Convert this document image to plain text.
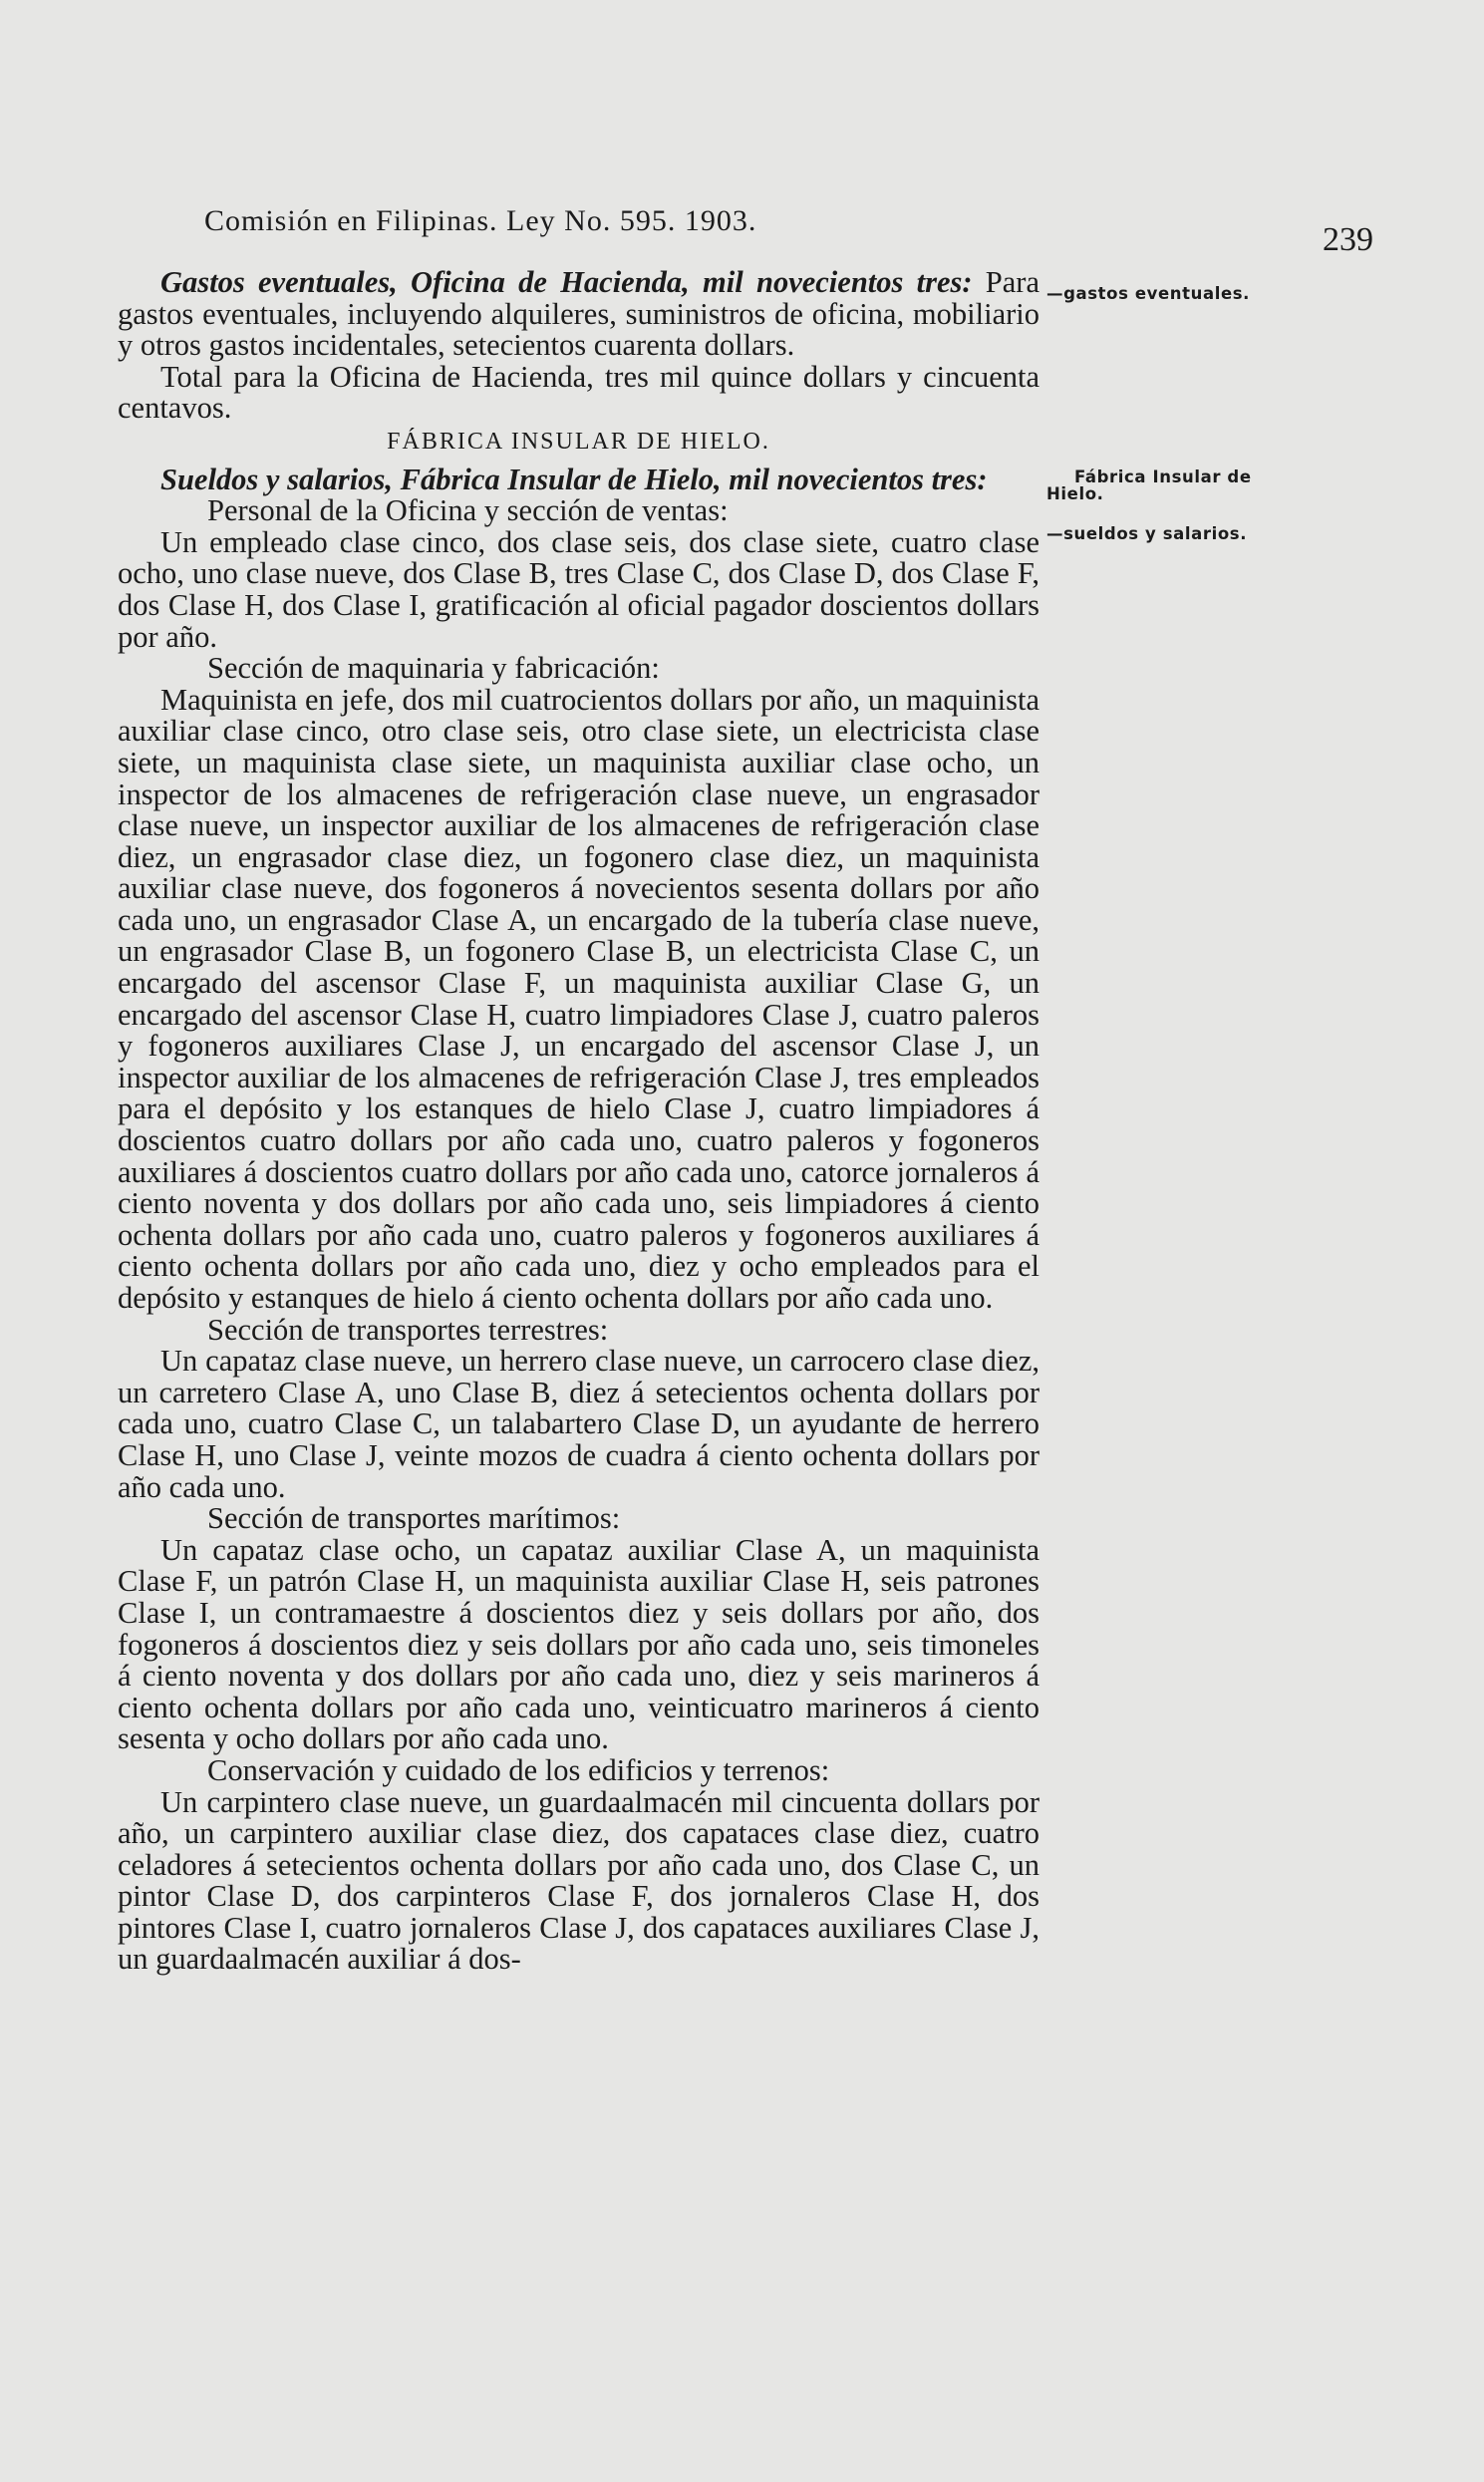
Comisión en Filipinas. Ley No. 595. 1903.
239
—gastos eventuales.
Fábrica Insular de
Hielo.
—sueldos y salarios.

Gastos eventuales, Oficina de Hacienda, mil novecientos tres: Para gastos eventuales, incluyendo alquileres, suministros de oficina, mobiliario y otros gastos incidentales, setecientos cuarenta dollars.

Total para la Oficina de Hacienda, tres mil quince dollars y cincuenta centavos.

FÁBRICA INSULAR DE HIELO.

Sueldos y salarios, Fábrica Insular de Hielo, mil novecientos tres:

Personal de la Oficina y sección de ventas:

Un empleado clase cinco, dos clase seis, dos clase siete, cuatro clase ocho, uno clase nueve, dos Clase B, tres Clase C, dos Clase D, dos Clase F, dos Clase H, dos Clase I, gratificación al oficial pagador doscientos dollars por año.

Sección de maquinaria y fabricación:

Maquinista en jefe, dos mil cuatrocientos dollars por año, un maquinista auxiliar clase cinco, otro clase seis, otro clase siete, un electricista clase siete, un maquinista clase siete, un maquinista auxiliar clase ocho, un inspector de los almacenes de refrigeración clase nueve, un engrasador clase nueve, un inspector auxiliar de los almacenes de refrigeración clase diez, un engrasador clase diez, un fogonero clase diez, un maquinista auxiliar clase nueve, dos fogoneros á novecientos sesenta dollars por año cada uno, un engrasador Clase A, un encargado de la tubería clase nueve, un engrasador Clase B, un fogonero Clase B, un electricista Clase C, un encargado del ascensor Clase F, un maquinista auxiliar Clase G, un encargado del ascensor Clase H, cuatro limpiadores Clase J, cuatro paleros y fogoneros auxiliares Clase J, un encargado del ascensor Clase J, un inspector auxiliar de los almacenes de refrigeración Clase J, tres empleados para el depósito y los estanques de hielo Clase J, cuatro limpiadores á doscientos cuatro dollars por año cada uno, cuatro paleros y fogoneros auxiliares á doscientos cuatro dollars por año cada uno, catorce jornaleros á ciento noventa y dos dollars por año cada uno, seis limpiadores á ciento ochenta dollars por año cada uno, cuatro paleros y fogoneros auxiliares á ciento ochenta dollars por año cada uno, diez y ocho empleados para el depósito y estanques de hielo á ciento ochenta dollars por año cada uno.

Sección de transportes terrestres:

Un capataz clase nueve, un herrero clase nueve, un carrocero clase diez, un carretero Clase A, uno Clase B, diez á setecientos ochenta dollars por cada uno, cuatro Clase C, un talabartero Clase D, un ayudante de herrero Clase H, uno Clase J, veinte mozos de cuadra á ciento ochenta dollars por año cada uno.

Sección de transportes marítimos:

Un capataz clase ocho, un capataz auxiliar Clase A, un maquinista Clase F, un patrón Clase H, un maquinista auxiliar Clase H, seis patrones Clase I, un contramaestre á doscientos diez y seis dollars por año, dos fogoneros á doscientos diez y seis dollars por año cada uno, seis timoneles á ciento noventa y dos dollars por año cada uno, diez y seis marineros á ciento ochenta dollars por año cada uno, veinticuatro marineros á ciento sesenta y ocho dollars por año cada uno.

Conservación y cuidado de los edificios y terrenos:

Un carpintero clase nueve, un guardaalmacén mil cincuenta dollars por año, un carpintero auxiliar clase diez, dos capataces clase diez, cuatro celadores á setecientos ochenta dollars por año cada uno, dos Clase C, un pintor Clase D, dos carpinteros Clase F, dos jornaleros Clase H, dos pintores Clase I, cuatro jornaleros Clase J, dos capataces auxiliares Clase J, un guardaalmacén auxiliar á dos-
